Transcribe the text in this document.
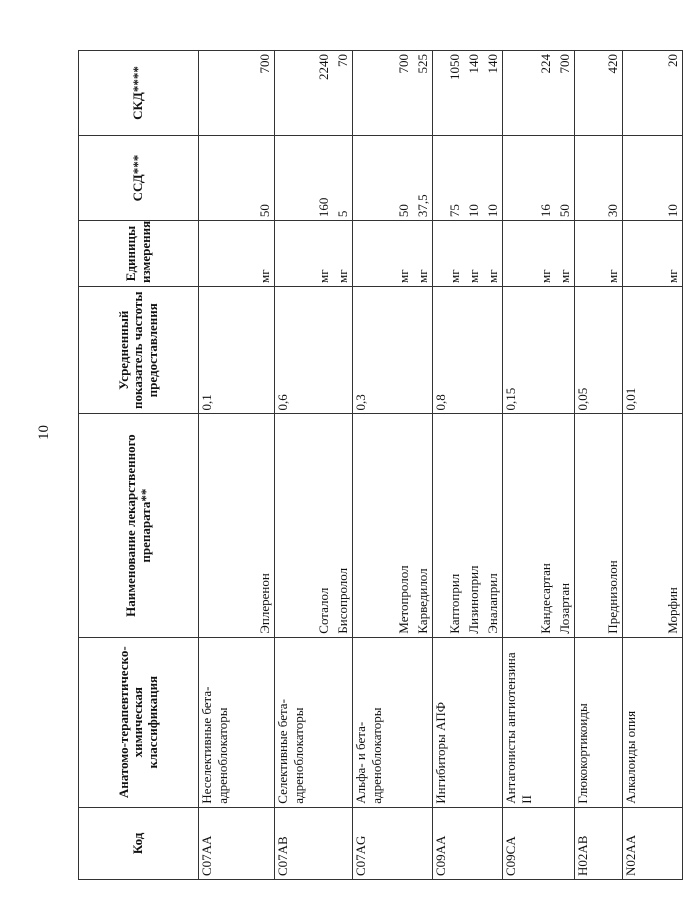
10
Код	Анатомо-терапевтическо-химическая классификация	Наименование лекарственного препарата**	Усредненный показатель частоты предоставления	Единицы измерения	ССД***	СКД****
C07AA	Неселективные бета-адреноблокаторы	Эплеренон	0,1	мг	50	700

C07AB	Селективные бета-адреноблокаторы	Соталол Бисопролол	0,6	мг мг	160 5	2240 70

C07AG	Альфа- и бета-адреноблокаторы	Метопролол Карведилол	0,3	мг мг	50 37,5	700 525

C09AA	Ингибиторы АПФ	Каптоприл Лизиноприл Эналаприл	0,8	мг мг мг	75 10 10	1050 140 140

C09CA	Антагонисты ангиотензина II	Кандесартан Лозартан	0,15	мг мг	16 50	224 700

H02AB	Глюкокортикоиды	Преднизолон	0,05	мг	30	420

N02AA	Алкалоиды опия	Морфин	0,01	мг	10	20
